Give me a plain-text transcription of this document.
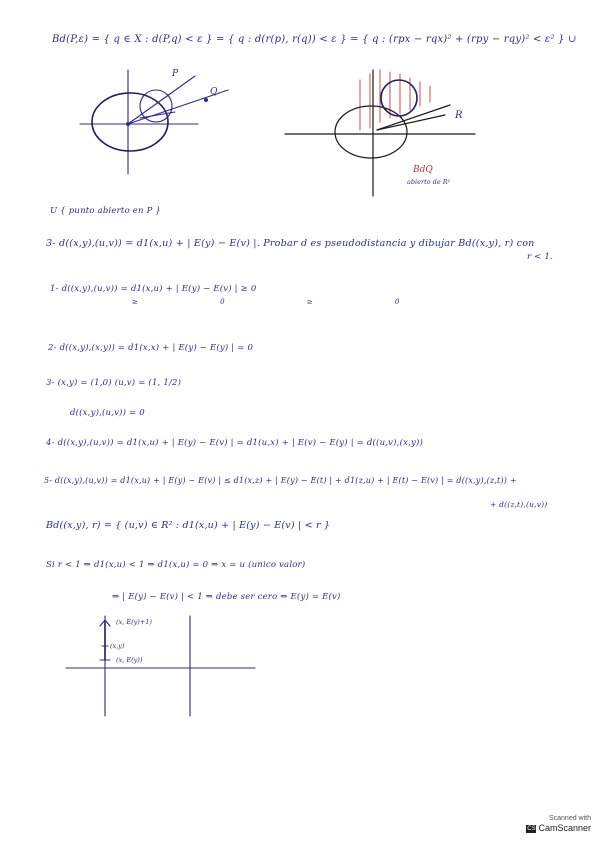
Bd(P,ε) = { q ∈ X : d(P,q) < ε } = { q : d(r(p), r(q)) < ε } = { q : (rpx − rqx)² + (rpy − rqy)² < ε² } ∪
P
Q
R
BdQ
abierto de R²
U { punto abierto en P }
3- d((x,y),(u,v)) = d1(x,u) + | E(y) − E(v) |. Probar d es pseudodistancia y dibujar Bd((x,y), r) con
r < 1.
1- d((x,y),(u,v)) = d1(x,u) + | E(y) − E(v) | ≥ 0
≥ 0 ≥ 0
2- d((x,y),(x,y)) = d1(x,x) + | E(y) − E(y) | = 0
3- (x,y) = (1,0) (u,v) = (1, 1/2)
d((x,y),(u,v)) = 0
4- d((x,y),(u,v)) = d1(x,u) + | E(y) − E(v) | = d1(u,x) + | E(v) − E(y) | = d((u,v),(x,y))
5- d((x,y),(u,v)) = d1(x,u) + | E(y) − E(v) | ≤ d1(x,z) + | E(y) − E(t) | + d1(z,u) + | E(t) − E(v) | = d((x,y),(z,t)) +
+ d((z,t),(u,v))
Bd((x,y), r) = { (u,v) ∈ R² : d1(x,u) + | E(y) − E(v) | < r }
Si r < 1 ⇒ d1(x,u) < 1 ⇒ d1(x,u) = 0 ⇒ x = u (unico valor)
⇒ | E(y) − E(v) | < 1 ⇒ debe ser cero ⇒ E(y) = E(v)
(x, E(y)+1)
(x,y)
(x, E(y))
Scanned with
CS CamScanner
